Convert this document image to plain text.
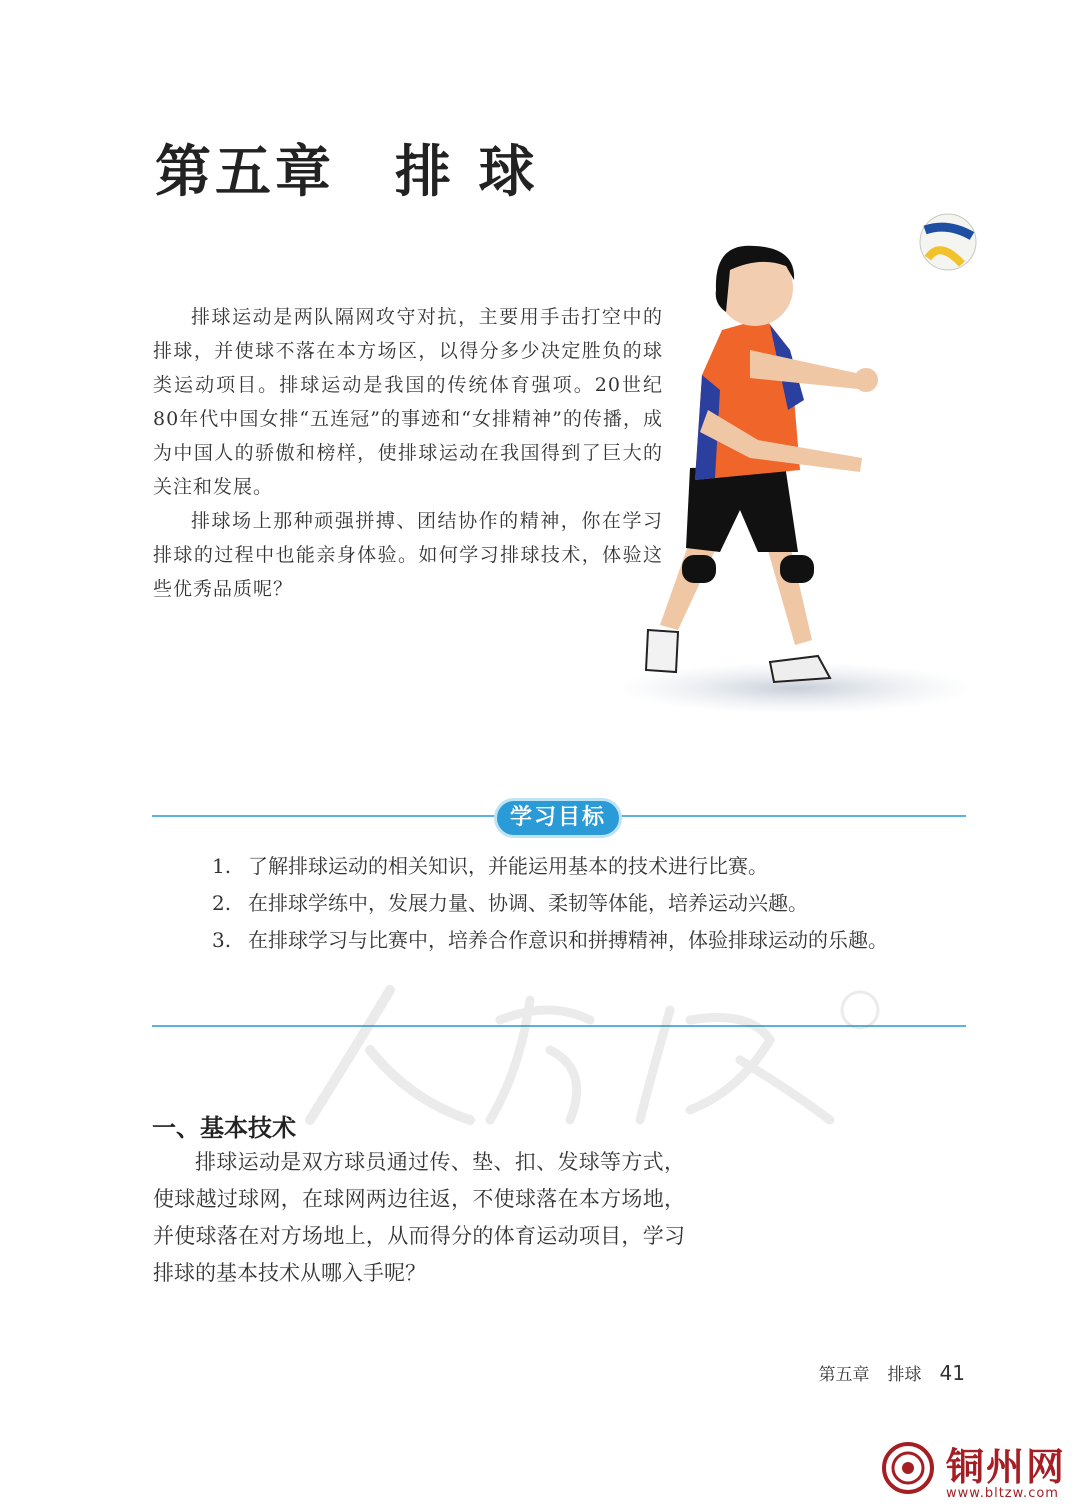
第五章　排 球

排球运动是两队隔网攻守对抗，主要用手击打空中的排球，并使球不落在本方场区，以得分多少决定胜负的球类运动项目。排球运动是我国的传统体育强项。20世纪80年代中国女排“五连冠”的事迹和“女排精神”的传播，成为中国人的骄傲和榜样，使排球运动在我国得到了巨大的关注和发展。

排球场上那种顽强拼搏、团结协作的精神，你在学习排球的过程中也能亲身体验。如何学习排球技术，体验这些优秀品质呢？

学习目标
1. 了解排球运动的相关知识，并能运用基本的技术进行比赛。
2. 在排球学练中，发展力量、协调、柔韧等体能，培养运动兴趣。
3. 在排球学习与比赛中，培养合作意识和拼搏精神，体验排球运动的乐趣。
一、基本技术

排球运动是双方球员通过传、垫、扣、发球等方式，使球越过球网，在球网两边往返，不使球落在本方场地，并使球落在对方场地上，从而得分的体育运动项目，学习排球的基本技术从哪入手呢？

第五章 排球 41
铜州网
www.bltzw.com
